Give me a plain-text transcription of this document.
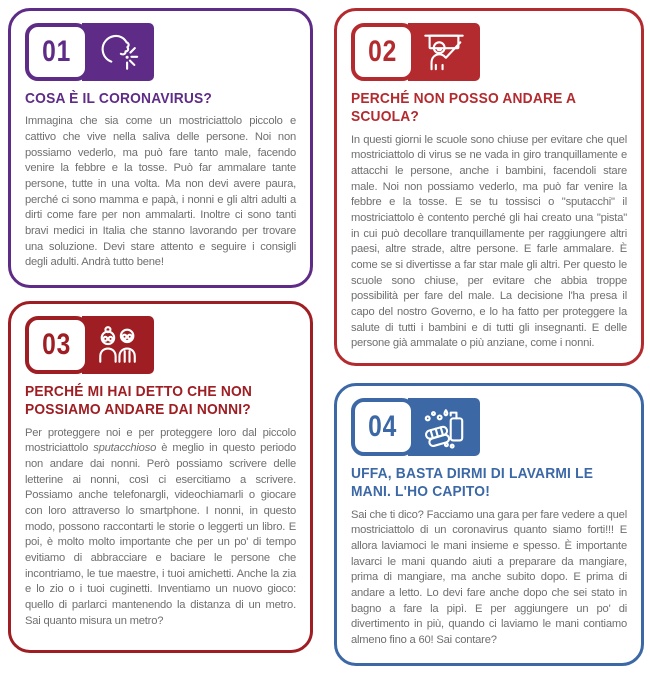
01
COSA È IL CORONAVIRUS?

Immagina che sia come un mostriciattolo piccolo e cattivo che vive nella saliva delle persone. Noi non possiamo vederlo, ma può fare tanto male, facendo venire la febbre e la tosse. Può far ammalare tante persone, tutte in una volta. Ma non devi avere paura, perché ci sono mamma e papà, i nonni e gli altri adulti a dirti come fare per non ammalarti. Inoltre ci sono tanti bravi medici in Italia che stanno lavorando per trovare una soluzione. Devi stare attento e seguire i consigli degli adulti. Andrà tutto bene!

03
PERCHÉ MI HAI DETTO CHE NON POSSIAMO ANDARE DAI NONNI?

Per proteggere noi e per proteggere loro dal piccolo mostriciattolo sputacchioso è meglio in questo periodo non andare dai nonni. Però possiamo scrivere delle letterine ai nonni, così ci esercitiamo a scrivere. Possiamo anche telefonargli, videochiamarli o giocare con loro attraverso lo smartphone. I nonni, in questo modo, possono raccontarti le storie o leggerti un libro. E poi, è molto molto importante che per un po' di tempo evitiamo di abbracciare e baciare le persone che incontriamo, le tue maestre, i tuoi amichetti. Anche la zia e lo zio o i tuoi cuginetti. Inventiamo un nuovo gioco: quello di parlarci mantenendo la distanza di un metro. Sai quanto misura un metro?

02
PERCHÉ NON POSSO ANDARE A SCUOLA?

In questi giorni le scuole sono chiuse per evitare che quel mostriciattolo di virus se ne vada in giro tranquillamente e attacchi le persone, anche i bambini, facendoli stare male. Noi non possiamo vederlo, ma può far venire la febbre e la tosse. E se tu tossisci o "sputacchi" il mostriciattolo è contento perché gli hai creato una "pista" in cui può decollare tranquillamente per raggiungere altri paesi, altre strade, altre persone. E farle ammalare. È come se si divertisse a far star male gli altri. Per questo le scuole sono chiuse, per evitare che abbia troppe possibilità per fare del male. La decisione l'ha presa il capo del nostro Governo, e lo ha fatto per proteggere la salute di tutti i bambini e di tutti gli insegnanti. E delle persone già ammalate o più anziane, come i nonni.

04
UFFA, BASTA DIRMI DI LAVARMI LE MANI. L'HO CAPITO!

Sai che ti dico? Facciamo una gara per fare vedere a quel mostriciattolo di un coronavirus quanto siamo forti!!! E allora laviamoci le mani insieme e spesso. È importante lavarci le mani quando aiuti a preparare da mangiare, prima di mangiare, ma anche subito dopo. E prima di andare a letto. Lo devi fare anche dopo che sei stato in bagno a fare la pipì. E per aggiungere un po' di divertimento in più, quando ci laviamo le mani contiamo almeno fino a 60! Sai contare?
